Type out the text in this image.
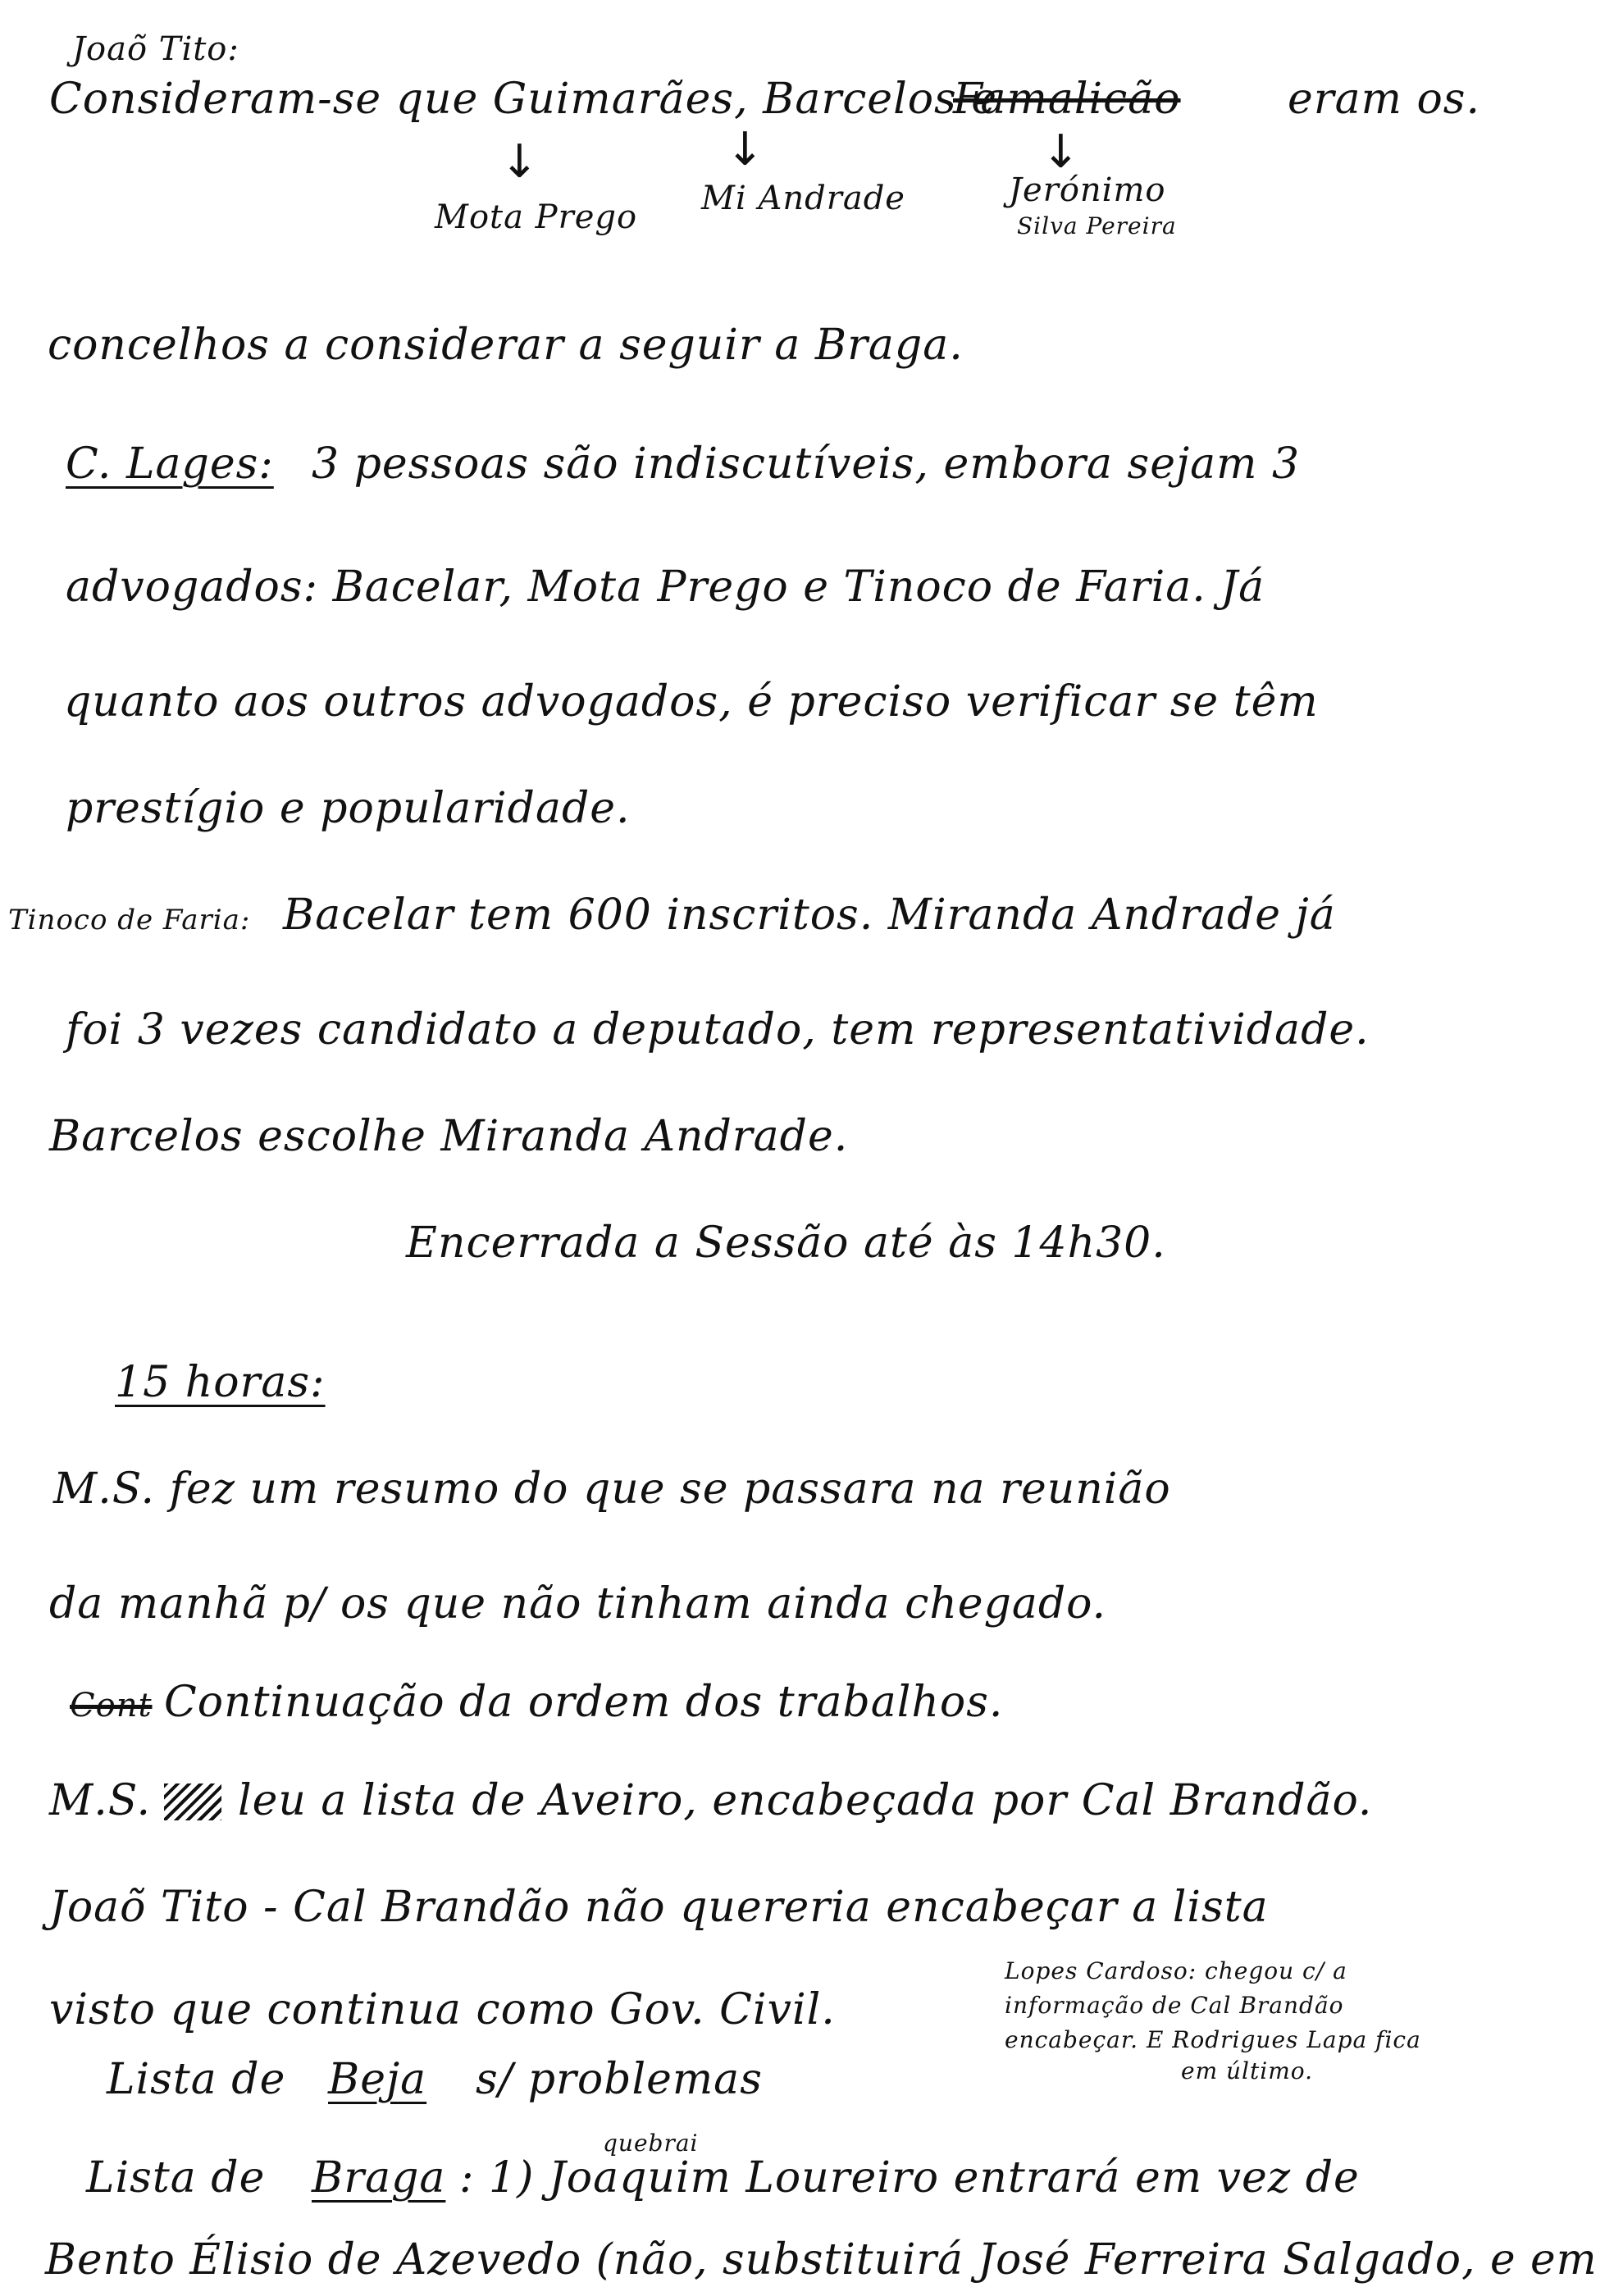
Joaõ Tito:
Consideram-se que Guimarães, Barcelos e
Famalicão	eram os.
↓	↓	↓
Mota Prego Mi Andrade	Jerónimo
Silva Pereira
concelhos a considerar a seguir a Braga.
C. Lages: 3 pessoas são indiscutíveis, embora sejam 3
advogados: Bacelar, Mota Prego e Tinoco de Faria. Já
quanto aos outros advogados, é preciso verificar se têm
prestígio e popularidade.
Tinoco de Faria: Bacelar tem 600 inscritos. Miranda Andrade já
foi 3 vezes candidato a deputado, tem representatividade.
Barcelos escolhe Miranda Andrade.
Encerrada a Sessão até às 14h30.
15 horas:
M.S. fez um resumo do que se passara na reunião
da manhã p/ os que não tinham ainda chegado.
Cont Continuação da ordem dos trabalhos.
M.S. leu a lista de Aveiro, encabeçada por Cal Brandão.
Joaõ Tito - Cal Brandão não quereria encabeçar a lista
visto que continua como Gov. Civil.
Lopes Cardoso: chegou c/ a
informação de Cal Brandão
encabeçar. E Rodrigues Lapa fica
em último.
Lista de Beja s/ problemas
quebrai
Lista de Braga : 1) Joaquim Loureiro entrará em vez de
Bento Élisio de Azevedo (não, substituirá José Ferreira Salgado, e em
